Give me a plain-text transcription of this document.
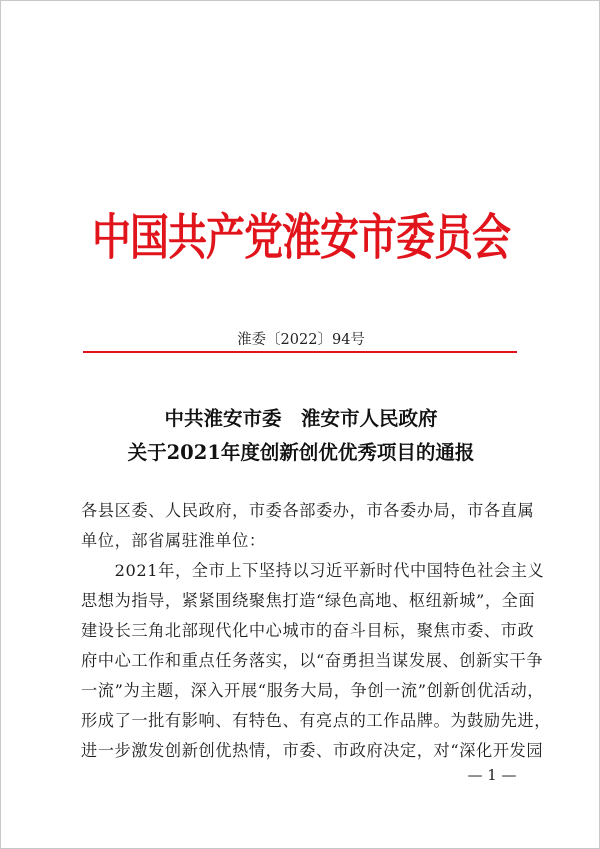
中国共产党淮安市委员会
淮委〔2022〕94号
中共淮安市委　淮安市人民政府
关于2021年度创新创优优秀项目的通报
各县区委、人民政府，市委各部委办，市各委办局，市各直属
单位，部省属驻淮单位：
　　2021年，全市上下坚持以习近平新时代中国特色社会主义
思想为指导，紧紧围绕聚焦打造“绿色高地、枢纽新城”，全面
建设长三角北部现代化中心城市的奋斗目标，聚焦市委、市政
府中心工作和重点任务落实，以“奋勇担当谋发展、创新实干争
一流”为主题，深入开展“服务大局，争创一流”创新创优活动，
形成了一批有影响、有特色、有亮点的工作品牌。为鼓励先进，
进一步激发创新创优热情，市委、市政府决定，对“深化开发园
— 1 —
